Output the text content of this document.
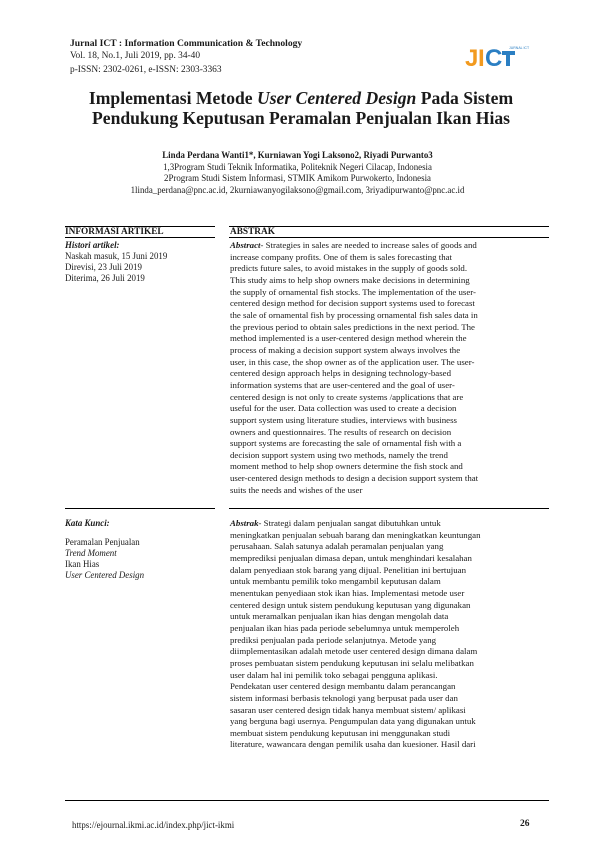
Jurnal ICT : Information Communication & Technology
Vol. 18, No.1, Juli 2019, pp. 34-40
p-ISSN: 2302-0261, e-ISSN: 2303-3363	J I C JURNAL ICT
Implementasi Metode User Centered Design Pada Sistem
Pendukung Keputusan Peramalan Penjualan Ikan Hias
Linda Perdana Wanti1*, Kurniawan Yogi Laksono2, Riyadi Purwanto3
1,3Program Studi Teknik Informatika, Politeknik Negeri Cilacap, Indonesia
2Program Studi Sistem Informasi, STMIK Amikom Purwokerto, Indonesia
1linda_perdana@pnc.ac.id, 2kurniawanyogilaksono@gmail.com, 3riyadipurwanto@pnc.ac.id
INFORMASI ARTIKEL	ABSTRAK
Histori artikel:
Naskah masuk, 15 Juni 2019
Direvisi, 23 Juli 2019
Diterima, 26 Juli 2019
Kata Kunci:
Peramalan Penjualan
Trend Moment
Ikan Hias
User Centered Design
Abstract- Strategies in sales are needed to increase sales of goods and
increase company profits. One of them is sales forecasting that
predicts future sales, to avoid mistakes in the supply of goods sold.
This study aims to help shop owners make decisions in determining
the supply of ornamental fish stocks. The implementation of the user-
centered design method for decision support systems used to forecast
the sale of ornamental fish by processing ornamental fish sales data in
the previous period to obtain sales predictions in the next period. The
method implemented is a user-centered design method wherein the
process of making a decision support system always involves the
user, in this case, the shop owner as of the application user. The user-
centered design approach helps in designing technology-based
information systems that are user-centered and the goal of user-
centered design is not only to create systems /applications that are
useful for the user. Data collection was used to create a decision
support system using literature studies, interviews with business
owners and questionnaires. The results of research on decision
support systems are forecasting the sale of ornamental fish with a
decision support system using two methods, namely the trend
moment method to help shop owners determine the fish stock and
user-centered design methods to design a decision support system that
suits the needs and wishes of the user
Abstrak- Strategi dalam penjualan sangat dibutuhkan untuk
meningkatkan penjualan sebuah barang dan meningkatkan keuntungan
perusahaan. Salah satunya adalah peramalan penjualan yang
memprediksi penjualan dimasa depan, untuk menghindari kesalahan
dalam penyediaan stok barang yang dijual. Penelitian ini bertujuan
untuk membantu pemilik toko mengambil keputusan dalam
menentukan penyediaan stok ikan hias. Implementasi metode user
centered design untuk sistem pendukung keputusan yang digunakan
untuk meramalkan penjualan ikan hias dengan mengolah data
penjualan ikan hias pada periode sebelumnya untuk memperoleh
prediksi penjualan pada periode selanjutnya. Metode yang
diimplementasikan adalah metode user centered design dimana dalam
proses pembuatan sistem pendukung keputusan ini selalu melibatkan
user dalam hal ini pemilik toko sebagai pengguna aplikasi.
Pendekatan user centered design membantu dalam perancangan
sistem informasi berbasis teknologi yang berpusat pada user dan
sasaran user centered design tidak hanya membuat sistem/ aplikasi
yang berguna bagi usernya. Pengumpulan data yang digunakan untuk
membuat sistem pendukung keputusan ini menggunakan studi
literature, wawancara dengan pemilik usaha dan kuesioner. Hasil dari
https://ejournal.ikmi.ac.id/index.php/jict-ikmi	26
